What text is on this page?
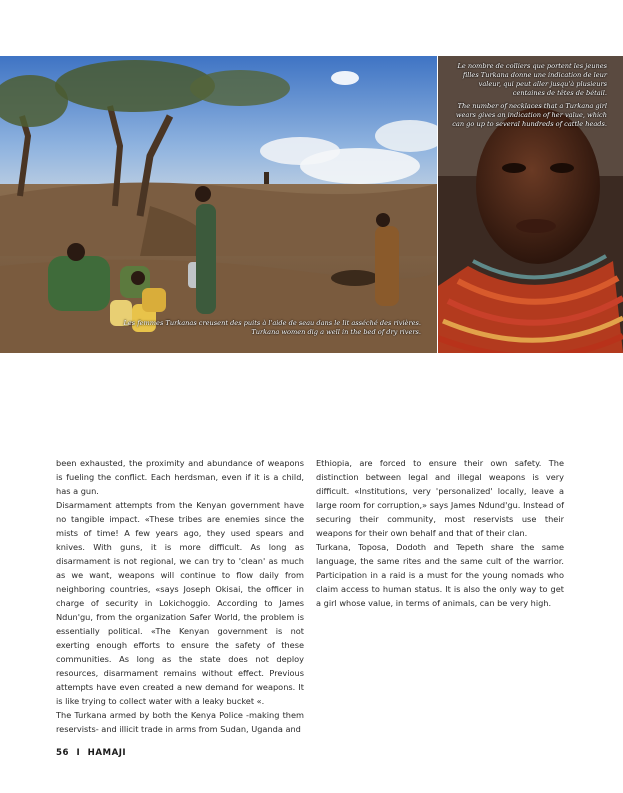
Les femmes Turkanas creusent des puits à l'aide de seau dans le lit asséché des rivières.

Turkana women dig a well in the bed of dry rivers.

Le nombre de colliers que portent les jeunes filles Turkana donne une indication de leur valeur, qui peut aller jusqu'à plusieurs centaines de têtes de bétail.

The number of necklaces that a Turkana girl wears gives an indication of her value, which can go up to several hundreds of cattle heads.

been exhausted, the proximity and abundance of weapons is fueling the conflict. Each herdsman, even if it is a child, has a gun.

Disarmament attempts from the Kenyan government have no tangible impact. «These tribes are enemies since the mists of time! A few years ago, they used spears and knives. With guns, it is more difficult. As long as disarmament is not regional, we can try to 'clean' as much as we want, weapons will continue to flow daily from neighboring countries, «says Joseph Okisai, the officer in charge of security in Lokichoggio. According to James Ndun'gu, from the organization Safer World, the problem is essentially political. «The Kenyan government is not exerting enough efforts to ensure the safety of these communities. As long as the state does not deploy resources, disarmament remains without effect. Previous attempts have even created a new demand for weapons. It is like trying to collect water with a leaky bucket «.

The Turkana armed by both the Kenya Police -making them reservists- and illicit trade in arms from Sudan, Uganda and

Ethiopia, are forced to ensure their own safety. The distinction between legal and illegal weapons is very difficult. «Institutions, very 'personalized' locally, leave a large room for corruption,» says James Ndund'gu. Instead of securing their community, most reservists use their weapons for their own behalf and that of their clan.

Turkana, Toposa, Dodoth and Tepeth share the same language, the same rites and the same cult of the warrior. Participation in a raid is a must for the young nomads who claim access to human status. It is also the only way to get a girl whose value, in terms of animals, can be very high.

56 I HAMAJI
